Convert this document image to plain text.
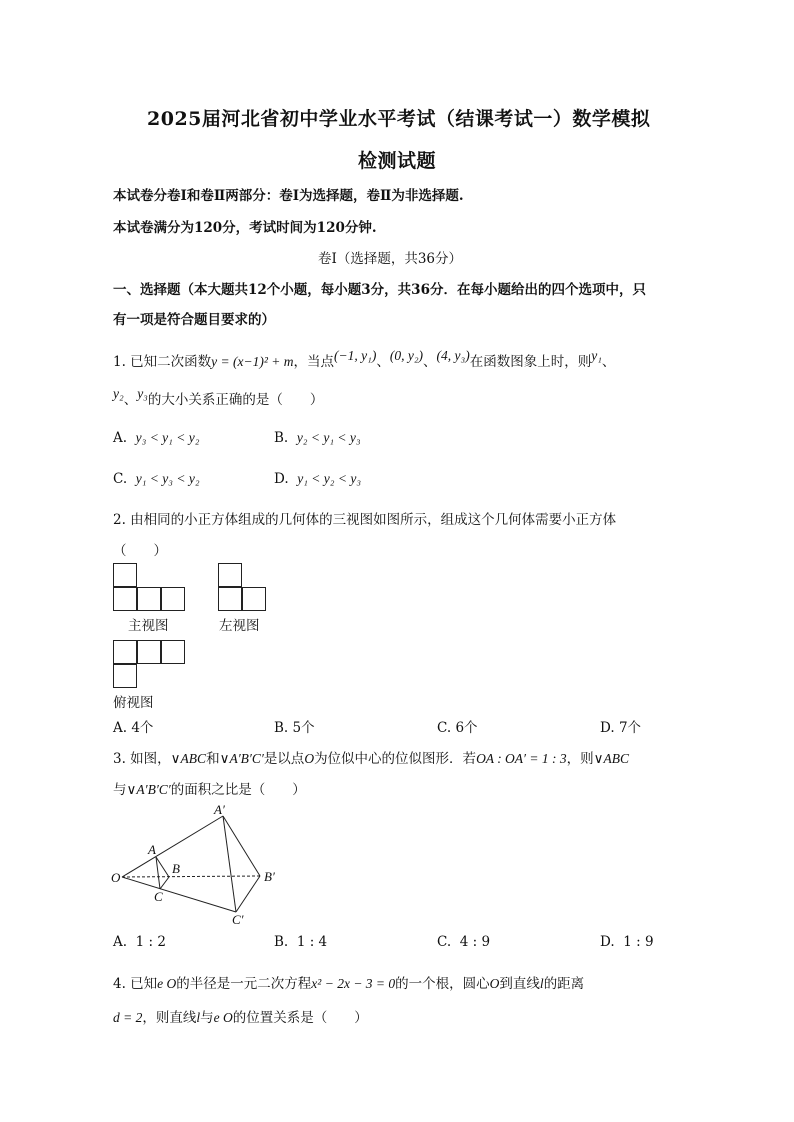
2025届河北省初中学业水平考试（结课考试一）数学模拟
检测试题
本试卷分卷Ⅰ和卷Ⅱ两部分：卷Ⅰ为选择题，卷Ⅱ为非选择题.
本试卷满分为120分，考试时间为120分钟.
卷Ⅰ（选择题，共36分）
一、选择题（本大题共12个小题，每小题3分，共36分．在每小题给出的四个选项中，只
有一项是符合题目要求的）
1. 已知二次函数y = (x−1)² + m，当点(−1, y₁)、(0, y₂)、(4, y₃)在函数图象上时，则y₁、
y₂、y₃的大小关系正确的是（　　）
A. y₃ < y₁ < y₂	B. y₂ < y₁ < y₃
C. y₁ < y₃ < y₂	D. y₁ < y₂ < y₃
2. 由相同的小正方体组成的几何体的三视图如图所示，组成这个几何体需要小正方体
（　　）
主视图	左视图
俯视图
A. 4个	B. 5个	C. 6个	D. 7个
3. 如图，∨ABC和∨A′B′C′是以点O为位似中心的位似图形．若OA : OA′ = 1 : 3，则∨ABC
与∨A′B′C′的面积之比是（　　）
O
A
B
C
A′
B′
C′
A. 1 : 2	B. 1 : 4	C. 4 : 9	D. 1 : 9
4. 已知e O的半径是一元二次方程x² − 2x − 3 = 0的一个根，圆心O到直线l的距离
d = 2，则直线l与e O的位置关系是（　　）
